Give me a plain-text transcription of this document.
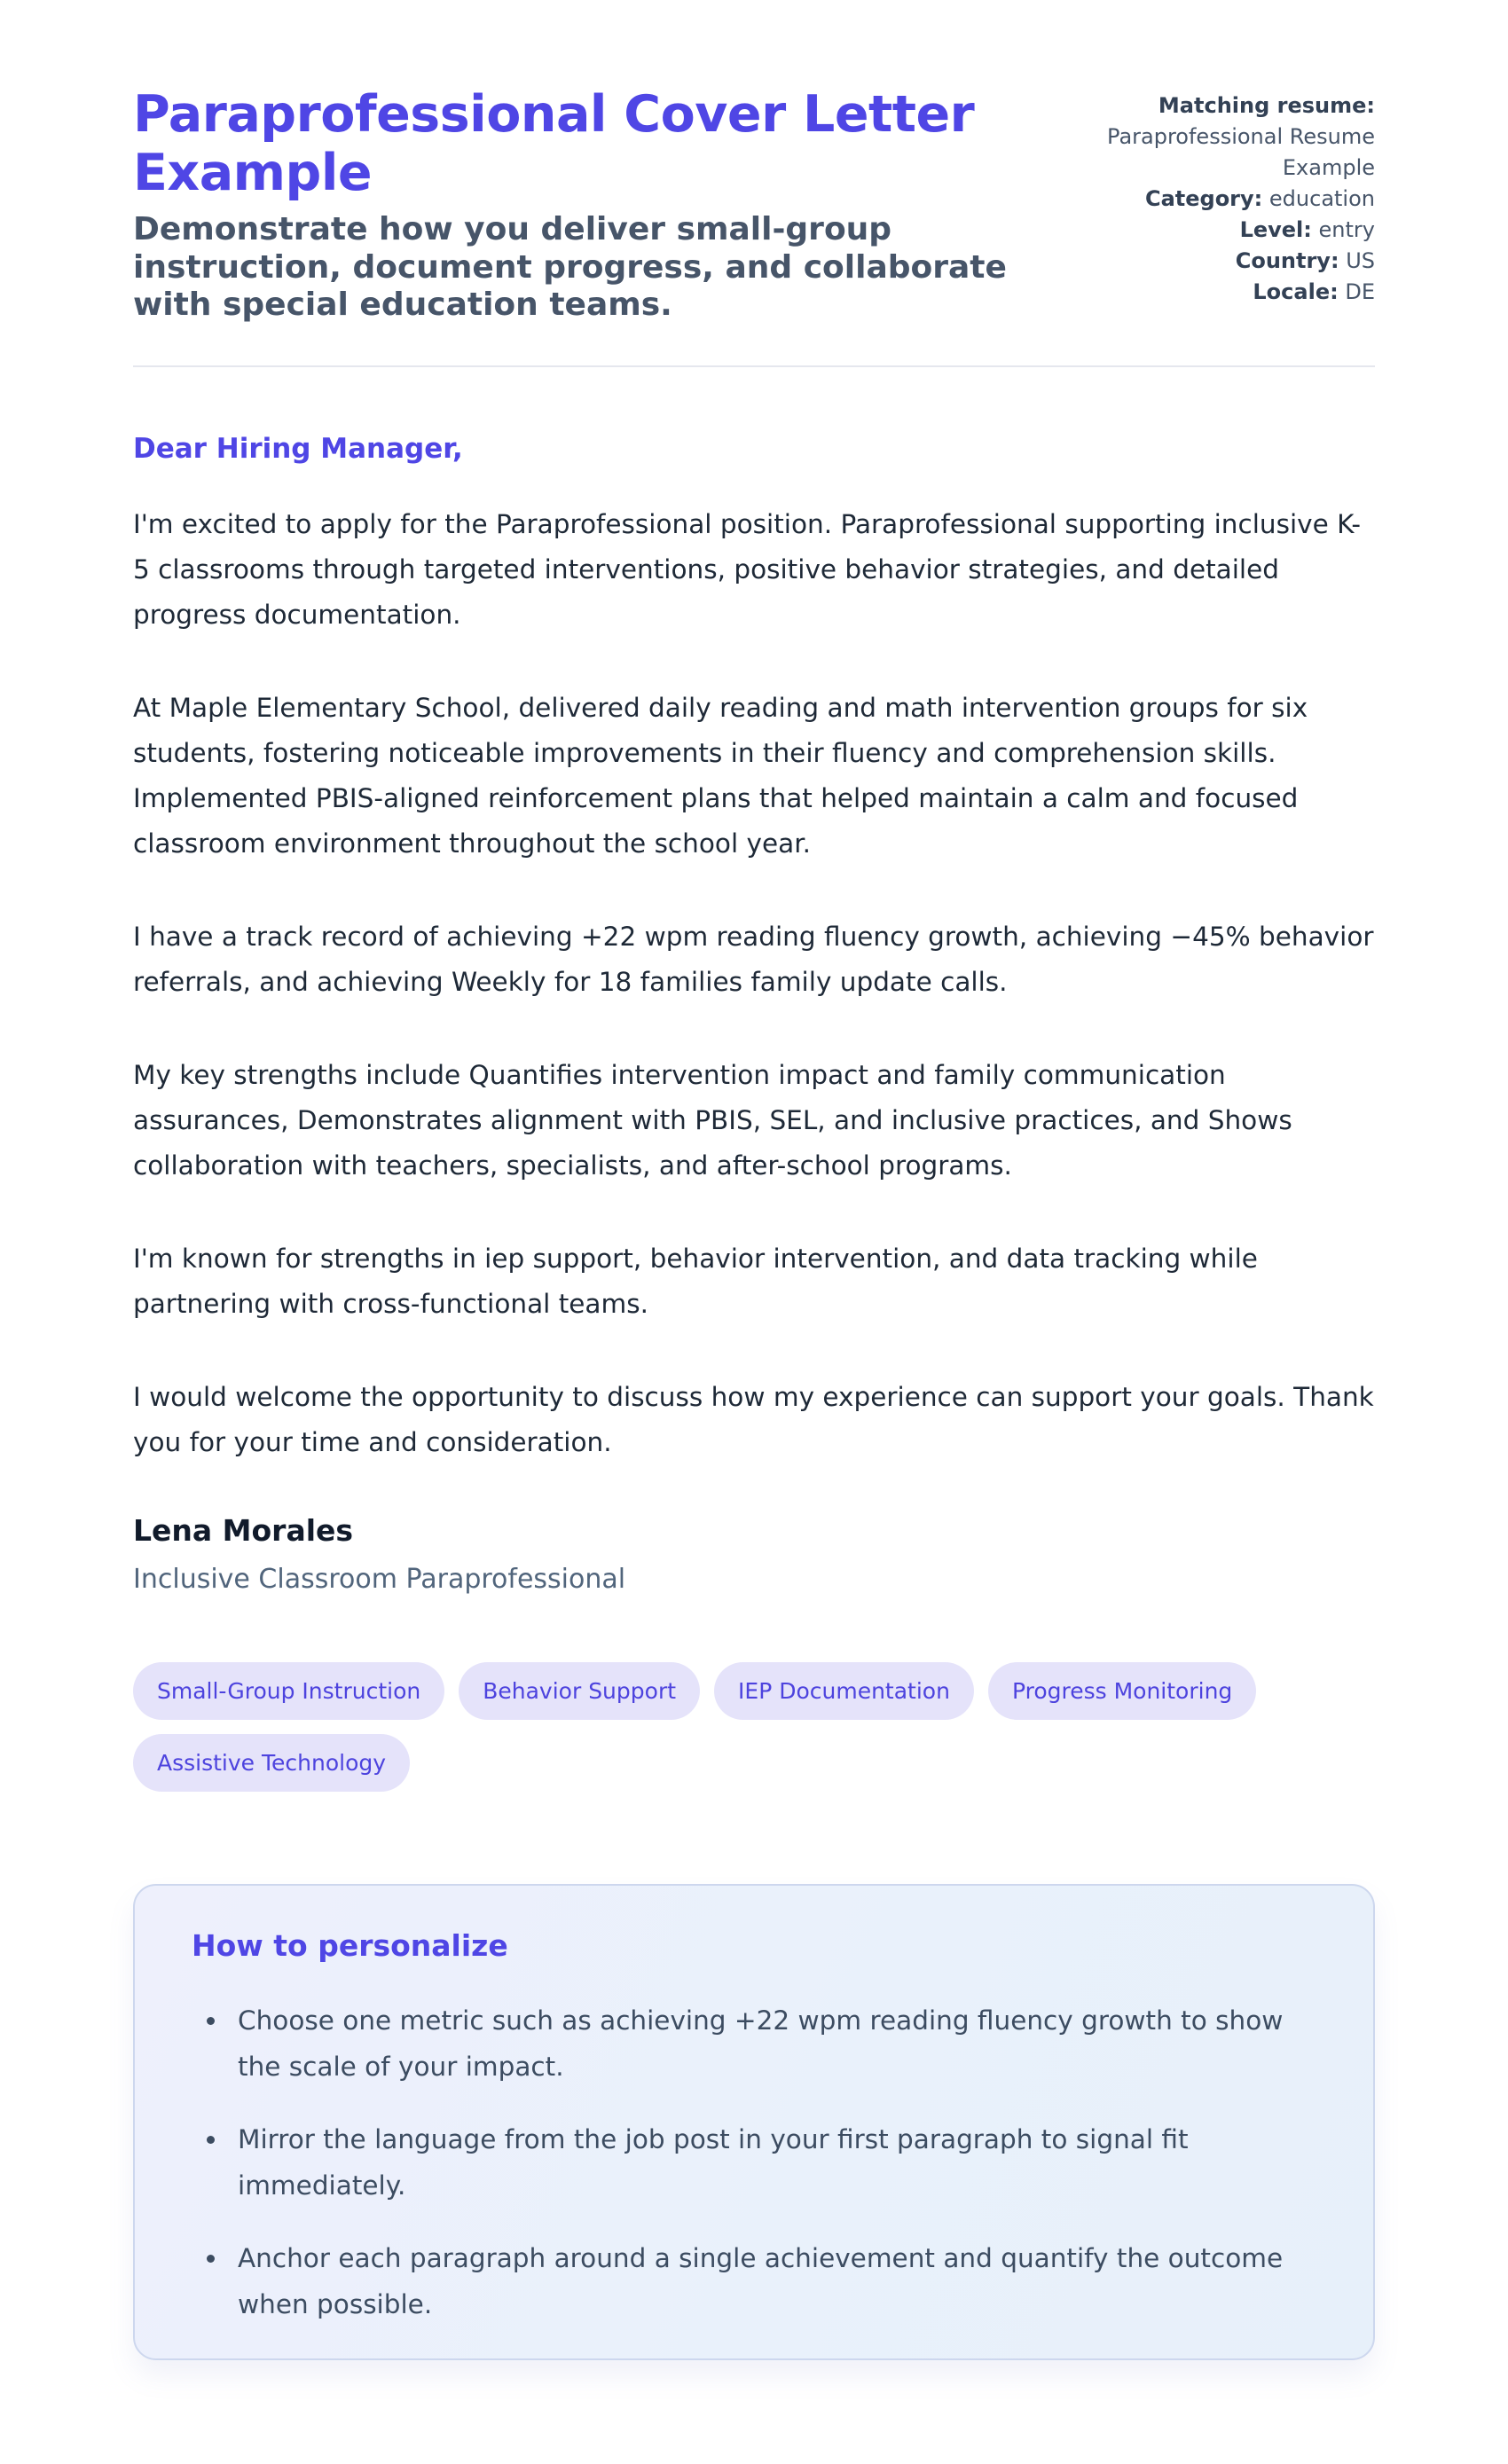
Paraprofessional Cover Letter Example

Demonstrate how you deliver small-group instruction, document progress, and collaborate with special education teams.

Matching resume: Paraprofessional Resume Example
Category: education
Level: entry
Country: US
Locale: DE

Dear Hiring Manager,

I'm excited to apply for the Paraprofessional position. Paraprofessional supporting inclusive K-5 classrooms through targeted interventions, positive behavior strategies, and detailed progress documentation.

At Maple Elementary School, delivered daily reading and math intervention groups for six students, fostering noticeable improvements in their fluency and comprehension skills. Implemented PBIS-aligned reinforcement plans that helped maintain a calm and focused classroom environment throughout the school year.

I have a track record of achieving +22 wpm reading fluency growth, achieving −45% behavior referrals, and achieving Weekly for 18 families family update calls.

My key strengths include Quantifies intervention impact and family communication assurances, Demonstrates alignment with PBIS, SEL, and inclusive practices, and Shows collaboration with teachers, specialists, and after-school programs.

I'm known for strengths in iep support, behavior intervention, and data tracking while partnering with cross-functional teams.

I would welcome the opportunity to discuss how my experience can support your goals. Thank you for your time and consideration.

Lena Morales

Inclusive Classroom Paraprofessional

Small-Group Instruction	Behavior Support	IEP Documentation	Progress Monitoring
Assistive Technology
How to personalize
• Choose one metric such as achieving +22 wpm reading fluency growth to show the scale of your impact.
• Mirror the language from the job post in your first paragraph to signal fit immediately.
• Anchor each paragraph around a single achievement and quantify the outcome when possible.
